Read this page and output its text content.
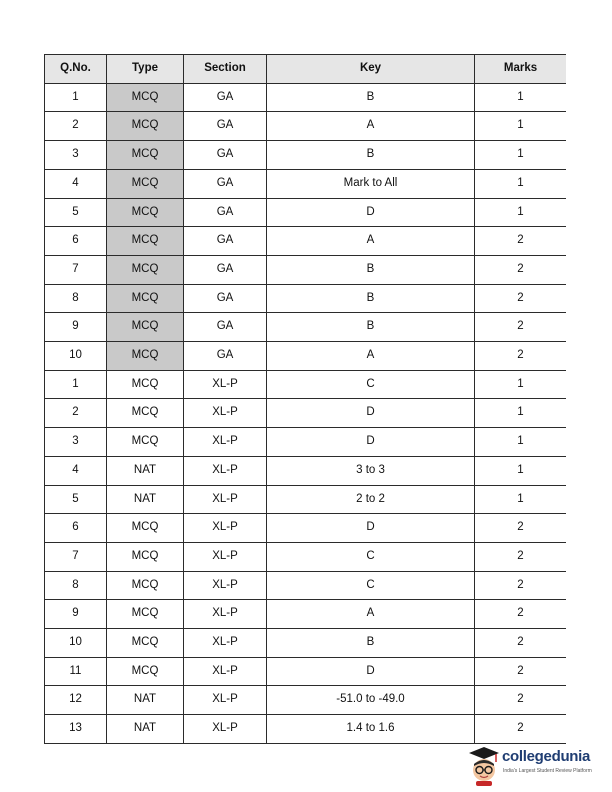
Q.No.	Type	Section	Key	Marks
1	MCQ	GA	B	1
2	MCQ	GA	A	1
3	MCQ	GA	B	1
4	MCQ	GA	Mark to All	1
5	MCQ	GA	D	1
6	MCQ	GA	A	2
7	MCQ	GA	B	2
8	MCQ	GA	B	2
9	MCQ	GA	B	2
10	MCQ	GA	A	2
1	MCQ	XL-P	C	1
2	MCQ	XL-P	D	1
3	MCQ	XL-P	D	1
4	NAT	XL-P	3 to 3	1
5	NAT	XL-P	2 to 2	1
6	MCQ	XL-P	D	2
7	MCQ	XL-P	C	2
8	MCQ	XL-P	C	2
9	MCQ	XL-P	A	2
10	MCQ	XL-P	B	2
11	MCQ	XL-P	D	2
12	NAT	XL-P	-51.0 to -49.0	2
13	NAT	XL-P	1.4 to 1.6	2
collegedunia
India's Largest Student Review Platform
